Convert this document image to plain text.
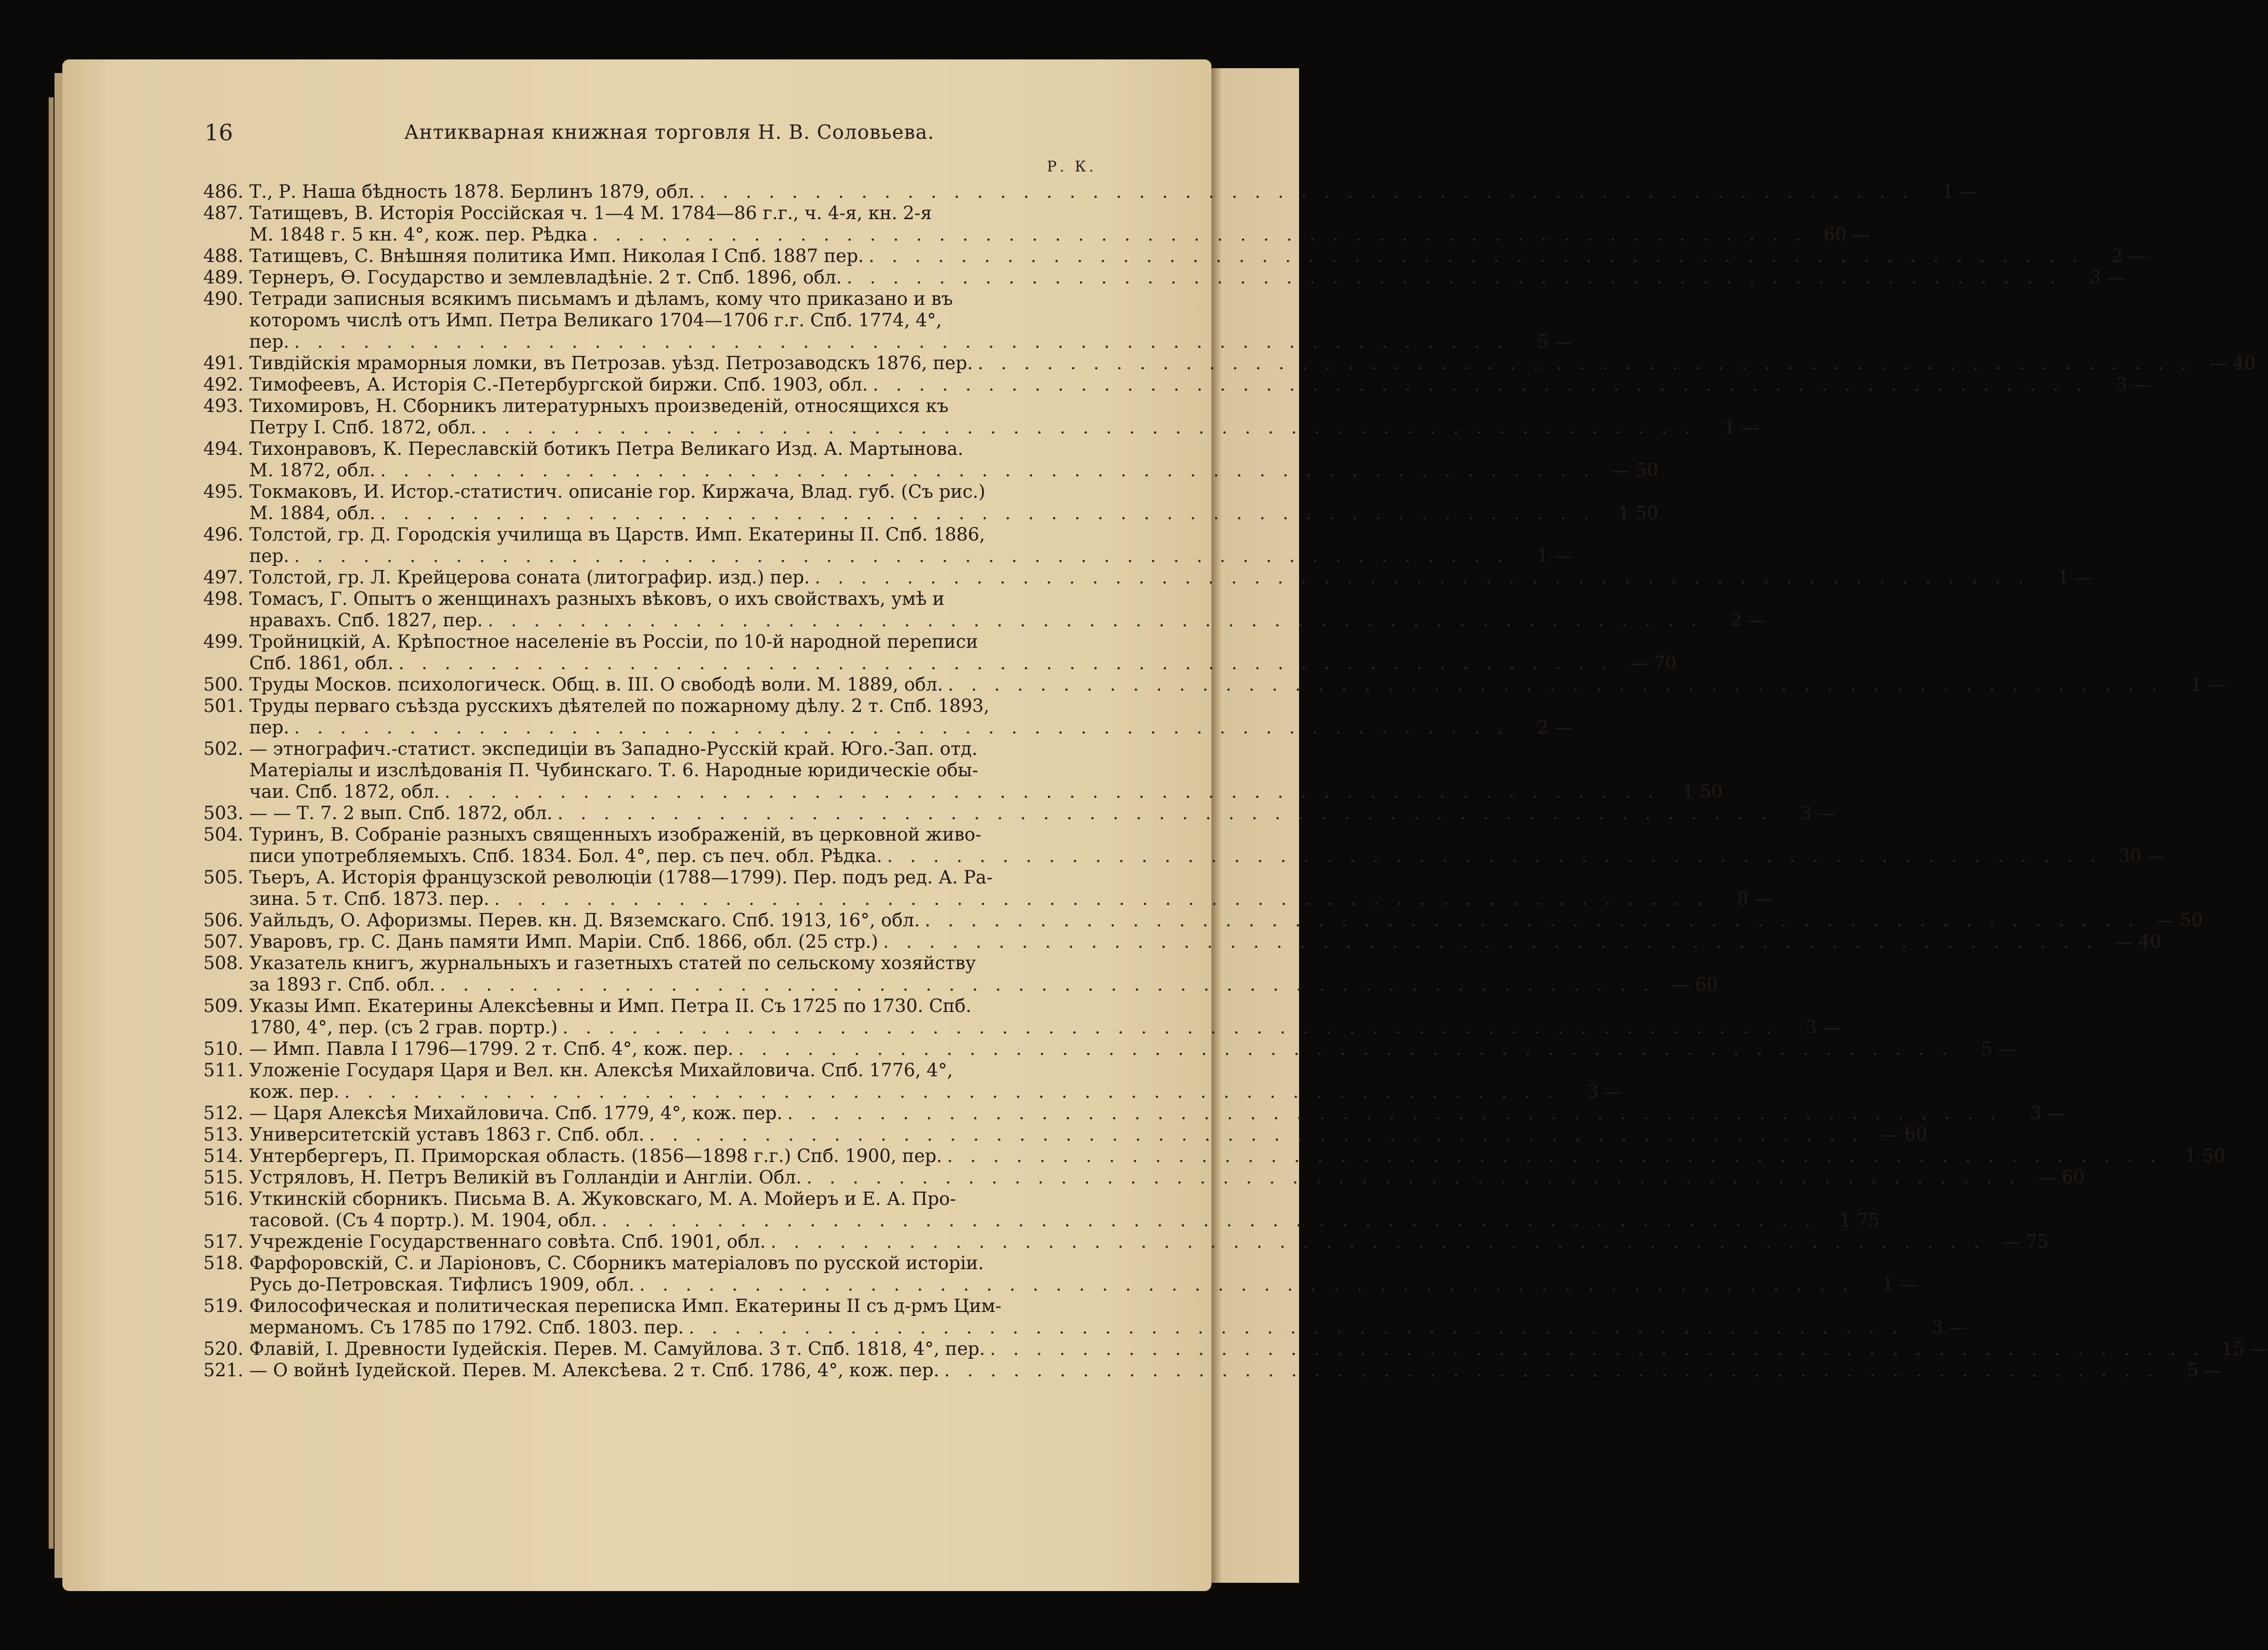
16	Антикварная книжная торговля Н. В. Соловьева.
Р. К.
486. Т., Р. Наша бѣдность 1878. Берлинъ 1879, обл. . . . . . . . . . . . . . . . . . . . . . . . . . . . . . . . . . . . . . . . . . . . . . . . . . . . . .	1 —
487. Татищевъ, В. Исторія Россійская ч. 1—4 М. 1784—86 г.г., ч. 4-я, кн. 2-я
М. 1848 г. 5 кн. 4°, кож. пер. Рѣдка . . . . . . . . . . . . . . . . . . . . . . . . . . . . . . . . . . . . . . . . . . . . . . . . . . . . . 60 —
488. Татищевъ, С. Внѣшняя политика Имп. Николая I Спб. 1887 пер. . . . . . . . . . . . . . . . . . . . . . . . . . . . . . . . . . . . . . . . . . . . . . . . . . . . . .	2 —
489. Тернеръ, Ѳ. Государство и землевладѣніе. 2 т. Спб. 1896, обл. . . . . . . . . . . . . . . . . . . . . . . . . . . . . . . . . . . . . . . . . . . . . . . . . . . . . .	3 —
490. Тетради записныя всякимъ письмамъ и дѣламъ, кому что приказано и въ
которомъ числѣ отъ Имп. Петра Великаго 1704—1706 г.г. Спб. 1774, 4°,
пер. . . . . . . . . . . . . . . . . . . . . . . . . . . . . . . . . . . . . . . . . . . . . . . . . . . . . .	5 —
491. Тивдійскія мраморныя ломки, въ Петрозав. уѣзд. Петрозаводскъ 1876, пер. . . . . . . . . . . . . . . . . . . . . . . . . . . . . . . . . . . . . . . . . . . . . . . . . . . . . . — 40
492. Тимофеевъ, А. Исторія С.-Петербургской биржи. Спб. 1903, обл. . . . . . . . . . . . . . . . . . . . . . . . . . . . . . . . . . . . . . . . . . . . . . . . . . . . . .	3 —
493. Тихомировъ, Н. Сборникъ литературныхъ произведеній, относящихся къ
Петру I. Спб. 1872, обл. . . . . . . . . . . . . . . . . . . . . . . . . . . . . . . . . . . . . . . . . . . . . . . . . . . . . .	1 —
494. Тихонравовъ, К. Переславскій ботикъ Петра Великаго Изд. А. Мартынова.
М. 1872, обл. . . . . . . . . . . . . . . . . . . . . . . . . . . . . . . . . . . . . . . . . . . . . . . . . . . . . . — 50
495. Токмаковъ, И. Истор.-статистич. описаніе гор. Киржача, Влад. губ. (Съ рис.)
М. 1884, обл. . . . . . . . . . . . . . . . . . . . . . . . . . . . . . . . . . . . . . . . . . . . . . . . . . . . . .	1 50
496. Толстой, гр. Д. Городскія училища въ Царств. Имп. Екатерины II. Спб. 1886,
пер. . . . . . . . . . . . . . . . . . . . . . . . . . . . . . . . . . . . . . . . . . . . . . . . . . . . . .	1 —
497. Толстой, гр. Л. Крейцерова соната (литографир. изд.) пер. . . . . . . . . . . . . . . . . . . . . . . . . . . . . . . . . . . . . . . . . . . . . . . . . . . . . .	1 —
498. Томасъ, Г. Опытъ о женщинахъ разныхъ вѣковъ, о ихъ свойствахъ, умѣ и
нравахъ. Спб. 1827, пер. . . . . . . . . . . . . . . . . . . . . . . . . . . . . . . . . . . . . . . . . . . . . . . . . . . . . .	2 —
499. Тройницкій, А. Крѣпостное населеніе въ Россіи, по 10-й народной переписи
Спб. 1861, обл. . . . . . . . . . . . . . . . . . . . . . . . . . . . . . . . . . . . . . . . . . . . . . . . . . . . . . — 70
500. Труды Москов. психологическ. Общ. в. III. О свободѣ воли. М. 1889, обл. . . . . . . . . . . . . . . . . . . . . . . . . . . . . . . . . . . . . . . . . . . . . . . . . . . . . .	1 —
501. Труды перваго съѣзда русскихъ дѣятелей по пожарному дѣлу. 2 т. Спб. 1893,
пер. . . . . . . . . . . . . . . . . . . . . . . . . . . . . . . . . . . . . . . . . . . . . . . . . . . . . .	2 —
502. — этнографич.-статист. экспедиціи въ Западно-Русскій край. Юго.-Зап. отд.
Матеріалы и изслѣдованія П. Чубинскаго. Т. 6. Народные юридическіе обы-
чаи. Спб. 1872, обл. . . . . . . . . . . . . . . . . . . . . . . . . . . . . . . . . . . . . . . . . . . . . . . . . . . . . .	1 50
503. — — Т. 7. 2 вып. Спб. 1872, обл. . . . . . . . . . . . . . . . . . . . . . . . . . . . . . . . . . . . . . . . . . . . . . . . . . . . . .	3 —
504. Туринъ, В. Собраніе разныхъ священныхъ изображеній, въ церковной живо-
писи употребляемыхъ. Спб. 1834. Бол. 4°, пер. съ печ. обл. Рѣдка. . . . . . . . . . . . . . . . . . . . . . . . . . . . . . . . . . . . . . . . . . . . . . . . . . . . . . 30 —
505. Тьеръ, А. Исторія французской революціи (1788—1799). Пер. подъ ред. А. Ра-
зина. 5 т. Спб. 1873. пер. . . . . . . . . . . . . . . . . . . . . . . . . . . . . . . . . . . . . . . . . . . . . . . . . . . . . .	8 —
506. Уайльдъ, О. Афоризмы. Перев. кн. Д. Вяземскаго. Спб. 1913, 16°, обл. . . . . . . . . . . . . . . . . . . . . . . . . . . . . . . . . . . . . . . . . . . . . . . . . . . . . . — 50
507. Уваровъ, гр. С. Дань памяти Имп. Маріи. Спб. 1866, обл. (25 стр.) . . . . . . . . . . . . . . . . . . . . . . . . . . . . . . . . . . . . . . . . . . . . . . . . . . . . . — 40
508. Указатель книгъ, журнальныхъ и газетныхъ статей по сельскому хозяйству
за 1893 г. Спб. обл. . . . . . . . . . . . . . . . . . . . . . . . . . . . . . . . . . . . . . . . . . . . . . . . . . . . . . — 60
509. Указы Имп. Екатерины Алексѣевны и Имп. Петра II. Съ 1725 по 1730. Спб.
1780, 4°, пер. (съ 2 грав. портр.) . . . . . . . . . . . . . . . . . . . . . . . . . . . . . . . . . . . . . . . . . . . . . . . . . . . . .	3 —
510. — Имп. Павла I 1796—1799. 2 т. Спб. 4°, кож. пер. . . . . . . . . . . . . . . . . . . . . . . . . . . . . . . . . . . . . . . . . . . . . . . . . . . . . .	5 —
511. Уложеніе Государя Царя и Вел. кн. Алексѣя Михайловича. Спб. 1776, 4°,
кож. пер. . . . . . . . . . . . . . . . . . . . . . . . . . . . . . . . . . . . . . . . . . . . . . . . . . . . . .	3 —
512. — Царя Алексѣя Михайловича. Спб. 1779, 4°, кож. пер. . . . . . . . . . . . . . . . . . . . . . . . . . . . . . . . . . . . . . . . . . . . . . . . . . . . . .	3 —
513. Университетскій уставъ 1863 г. Спб. обл. . . . . . . . . . . . . . . . . . . . . . . . . . . . . . . . . . . . . . . . . . . . . . . . . . . . . . — 60
514. Унтербергеръ, П. Приморская область. (1856—1898 г.г.) Спб. 1900, пер. . . . . . . . . . . . . . . . . . . . . . . . . . . . . . . . . . . . . . . . . . . . . . . . . . . . . .	1 50
515. Устряловъ, Н. Петръ Великій въ Голландіи и Англіи. Обл. . . . . . . . . . . . . . . . . . . . . . . . . . . . . . . . . . . . . . . . . . . . . . . . . . . . . . — 60
516. Уткинскій сборникъ. Письма В. А. Жуковскаго, М. А. Мойеръ и Е. А. Про-
тасовой. (Съ 4 портр.). М. 1904, обл. . . . . . . . . . . . . . . . . . . . . . . . . . . . . . . . . . . . . . . . . . . . . . . . . . . . . .	1 75
517. Учрежденіе Государственнаго совѣта. Спб. 1901, обл. . . . . . . . . . . . . . . . . . . . . . . . . . . . . . . . . . . . . . . . . . . . . . . . . . . . . . — 75
518. Фарфоровскій, С. и Ларіоновъ, С. Сборникъ матеріаловъ по русской исторіи.
Русь до-Петровская. Тифлисъ 1909, обл. . . . . . . . . . . . . . . . . . . . . . . . . . . . . . . . . . . . . . . . . . . . . . . . . . . . . .	1 —
519. Философическая и политическая переписка Имп. Екатерины II съ д-рмъ Цим-
мерманомъ. Съ 1785 по 1792. Спб. 1803. пер. . . . . . . . . . . . . . . . . . . . . . . . . . . . . . . . . . . . . . . . . . . . . . . . . . . . . .	3 —
520. Флавій, І. Древности Іудейскія. Перев. М. Самуйлова. 3 т. Спб. 1818, 4°, пер. . . . . . . . . . . . . . . . . . . . . . . . . . . . . . . . . . . . . . . . . . . . . . . . . . . . . . 15 —
521. — О войнѣ Іудейской. Перев. М. Алексѣева. 2 т. Спб. 1786, 4°, кож. пер. . . . . . . . . . . . . . . . . . . . . . . . . . . . . . . . . . . . . . . . . . . . . . . . . . . . . .	5 —
